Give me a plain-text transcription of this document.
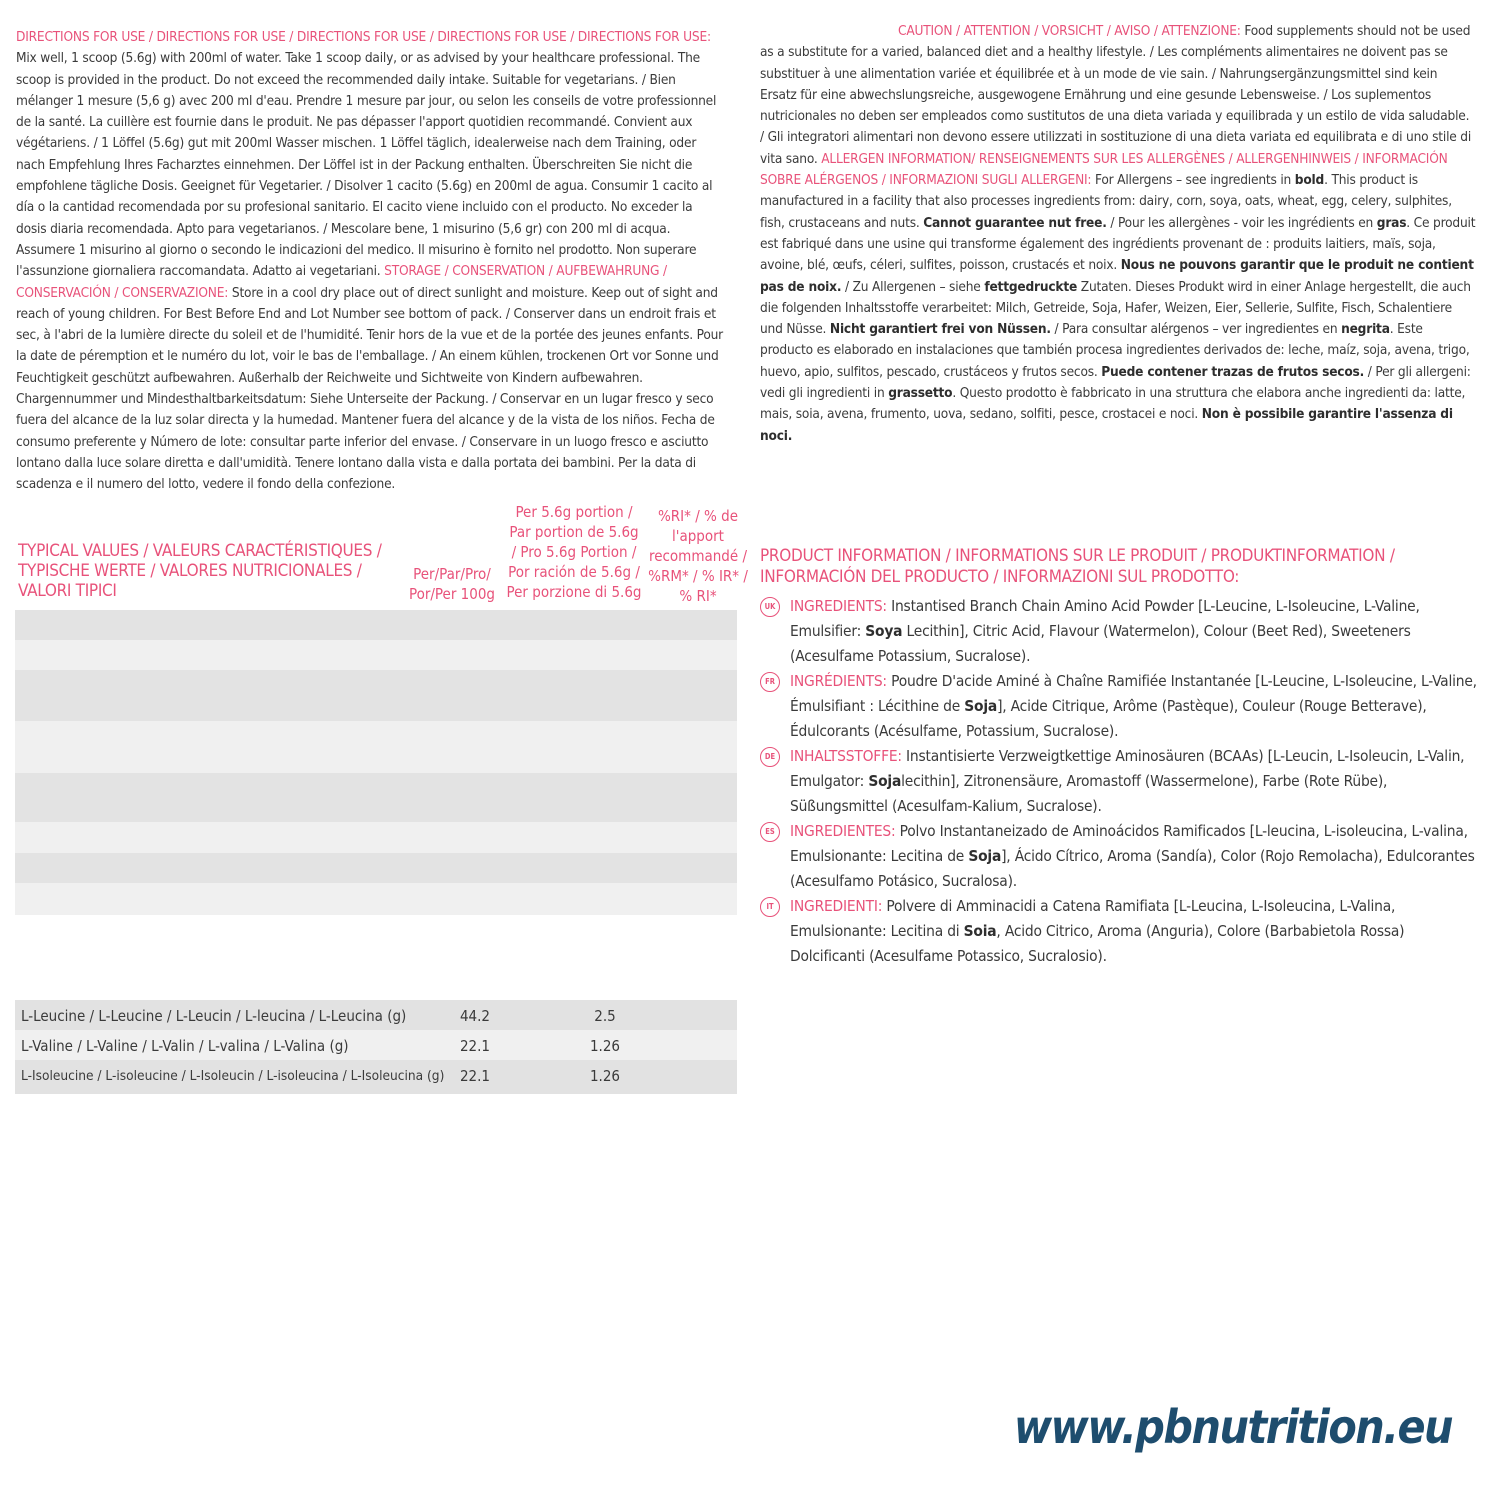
DIRECTIONS FOR USE / DIRECTIONS FOR USE / DIRECTIONS FOR USE / DIRECTIONS FOR USE / DIRECTIONS FOR USE:
Mix well, 1 scoop (5.6g) with 200ml of water. Take 1 scoop daily, or as advised by your healthcare professional. The scoop is provided in the product. Do not exceed the recommended daily intake. Suitable for vegetarians. / Bien mélanger 1 mesure (5,6 g) avec 200 ml d'eau. Prendre 1 mesure par jour, ou selon les conseils de votre professionnel de la santé. La cuillère est fournie dans le produit. Ne pas dépasser l'apport quotidien recommandé. Convient aux végétariens. / 1 Löffel (5.6g) gut mit 200ml Wasser mischen. 1 Löffel täglich, idealerweise nach dem Training, oder nach Empfehlung Ihres Facharztes einnehmen. Der Löffel ist in der Packung enthalten. Überschreiten Sie nicht die empfohlene tägliche Dosis. Geeignet für Vegetarier. / Disolver 1 cacito (5.6g) en 200ml de agua. Consumir 1 cacito al día o la cantidad recomendada por su profesional sanitario. El cacito viene incluido con el producto. No exceder la dosis diaria recomendada. Apto para vegetarianos. / Mescolare bene, 1 misurino (5,6 gr) con 200 ml di acqua. Assumere 1 misurino al giorno o secondo le indicazioni del medico. Il misurino è fornito nel prodotto. Non superare l'assunzione giornaliera raccomandata. Adatto ai vegetariani. STORAGE / CONSERVATION / AUFBEWAHRUNG / CONSERVACIÓN / CONSERVAZIONE: Store in a cool dry place out of direct sunlight and moisture. Keep out of sight and reach of young children. For Best Before End and Lot Number see bottom of pack. / Conserver dans un endroit frais et sec, à l'abri de la lumière directe du soleil et de l'humidité. Tenir hors de la vue et de la portée des jeunes enfants. Pour la date de péremption et le numéro du lot, voir le bas de l'emballage. / An einem kühlen, trockenen Ort vor Sonne und Feuchtigkeit geschützt aufbewahren. Außerhalb der Reichweite und Sichtweite von Kindern aufbewahren. Chargennummer und Mindesthaltbarkeitsdatum: Siehe Unterseite der Packung. / Conservar en un lugar fresco y seco fuera del alcance de la luz solar directa y la humedad. Mantener fuera del alcance y de la vista de los niños. Fecha de consumo preferente y Número de lote: consultar parte inferior del envase. / Conservare in un luogo fresco e asciutto lontano dalla luce solare diretta e dall'umidità. Tenere lontano dalla vista e dalla portata dei bambini. Per la data di scadenza e il numero del lotto, vedere il fondo della confezione.
CAUTION / ATTENTION / VORSICHT / AVISO / ATTENZIONE: Food supplements should not be used as a substitute for a varied, balanced diet and a healthy lifestyle. / Les compléments alimentaires ne doivent pas se substituer à une alimentation variée et équilibrée et à un mode de vie sain. / Nahrungsergänzungsmittel sind kein Ersatz für eine abwechslungsreiche, ausgewogene Ernährung und eine gesunde Lebensweise. / Los suplementos nutricionales no deben ser empleados como sustitutos de una dieta variada y equilibrada y un estilo de vida saludable. / Gli integratori alimentari non devono essere utilizzati in sostituzione di una dieta variata ed equilibrata e di uno stile di vita sano. ALLERGEN INFORMATION/ RENSEIGNEMENTS SUR LES ALLERGÈNES / ALLERGENHINWEIS / INFORMACIÓN SOBRE ALÉRGENOS / INFORMAZIONI SUGLI ALLERGENI: For Allergens – see ingredients in bold. This product is manufactured in a facility that also processes ingredients from: dairy, corn, soya, oats, wheat, egg, celery, sulphites, fish, crustaceans and nuts. Cannot guarantee nut free. / Pour les allergènes - voir les ingrédients en gras. Ce produit est fabriqué dans une usine qui transforme également des ingrédients provenant de : produits laitiers, maïs, soja, avoine, blé, œufs, céleri, sulfites, poisson, crustacés et noix. Nous ne pouvons garantir que le produit ne contient pas de noix. / Zu Allergenen – siehe fettgedruckte Zutaten. Dieses Produkt wird in einer Anlage hergestellt, die auch die folgenden Inhaltsstoffe verarbeitet: Milch, Getreide, Soja, Hafer, Weizen, Eier, Sellerie, Sulfite, Fisch, Schalentiere und Nüsse. Nicht garantiert frei von Nüssen. / Para consultar alérgenos – ver ingredientes en negrita. Este producto es elaborado en instalaciones que también procesa ingredientes derivados de: leche, maíz, soja, avena, trigo, huevo, apio, sulfitos, pescado, crustáceos y frutos secos. Puede contener trazas de frutos secos. / Per gli allergeni: vedi gli ingredienti in grassetto. Questo prodotto è fabbricato in una struttura che elabora anche ingredienti da: latte, mais, soia, avena, frumento, uova, sedano, solfiti, pesce, crostacei e noci. Non è possibile garantire l'assenza di noci.
TYPICAL VALUES / VALEURS CARACTÉRISTIQUES / TYPISCHE WERTE / VALORES NUTRICIONALES / VALORI TIPICI
Per/Par/Pro/ Por/Per 100g
Per 5.6g portion / Par portion de 5.6g / Pro 5.6g Portion / Por ración de 5.6g / Per porzione di 5.6g
%RI* / % de l'apport recommandé / %RM* / % IR* / % RI*
L-Leucine / L-Leucine / L-Leucin / L-leucina / L-Leucina (g)	44.2	2.5
L-Valine / L-Valine / L-Valin / L-valina / L-Valina (g)	22.1	1.26
L-Isoleucine / L-isoleucine / L-Isoleucin / L-isoleucina / L-Isoleucina (g)	22.1	1.26
PRODUCT INFORMATION / INFORMATIONS SUR LE PRODUIT / PRODUKTINFORMATION / INFORMACIÓN DEL PRODUCTO / INFORMAZIONI SUL PRODOTTO:
UK INGREDIENTS: Instantised Branch Chain Amino Acid Powder [L-Leucine, L-Isoleucine, L-Valine, Emulsifier: Soya Lecithin], Citric Acid, Flavour (Watermelon), Colour (Beet Red), Sweeteners (Acesulfame Potassium, Sucralose).
FR INGRÉDIENTS: Poudre D'acide Aminé à Chaîne Ramifiée Instantanée [L-Leucine, L-Isoleucine, L-Valine, Émulsifiant : Lécithine de Soja], Acide Citrique, Arôme (Pastèque), Couleur (Rouge Betterave), Édulcorants (Acésulfame, Potassium, Sucralose).
DE INHALTSSTOFFE: Instantisierte Verzweigtkettige Aminosäuren (BCAAs) [L-Leucin, L-Isoleucin, L-Valin, Emulgator: Sojalecithin], Zitronensäure, Aromastoff (Wassermelone), Farbe (Rote Rübe), Süßungsmittel (Acesulfam-Kalium, Sucralose).
ES INGREDIENTES: Polvo Instantaneizado de Aminoácidos Ramificados [L-leucina, L-isoleucina, L-valina, Emulsionante: Lecitina de Soja], Ácido Cítrico, Aroma (Sandía), Color (Rojo Remolacha), Edulcorantes (Acesulfamo Potásico, Sucralosa).
IT	INGREDIENTI: Polvere di Amminacidi a Catena Ramifiata [L-Leucina, L-Isoleucina, L-Valina, Emulsionante: Lecitina di Soia, Acido Citrico, Aroma (Anguria), Colore (Barbabietola Rossa) Dolcificanti (Acesulfame Potassico, Sucralosio).
www.pbnutrition.eu
